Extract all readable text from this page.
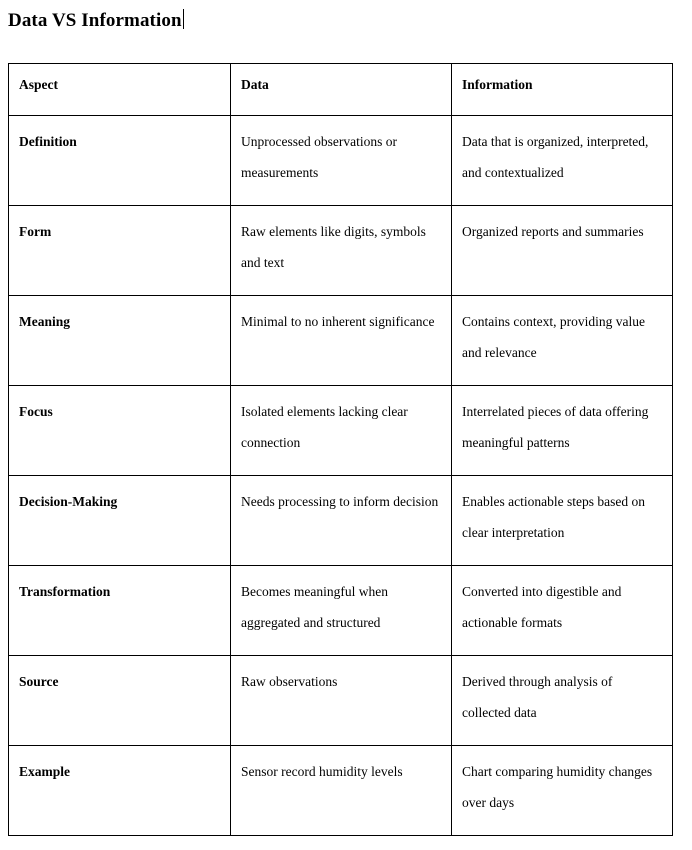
Data VS Information
Aspect	Data	Information
Definition	Unprocessed observations or measurements	Data that is organized, interpreted, and contextualized
Form	Raw elements like digits, symbols and text	Organized reports and summaries
Meaning	Minimal to no inherent significance	Contains context, providing value and relevance
Focus	Isolated elements lacking clear connection	Interrelated pieces of data offering meaningful patterns
Decision-Making	Needs processing to inform decision	Enables actionable steps based on clear interpretation
Transformation	Becomes meaningful when aggregated and structured	Converted into digestible and actionable formats
Source	Raw observations	Derived through analysis of collected data
Example	Sensor record humidity levels	Chart comparing humidity changes over days
